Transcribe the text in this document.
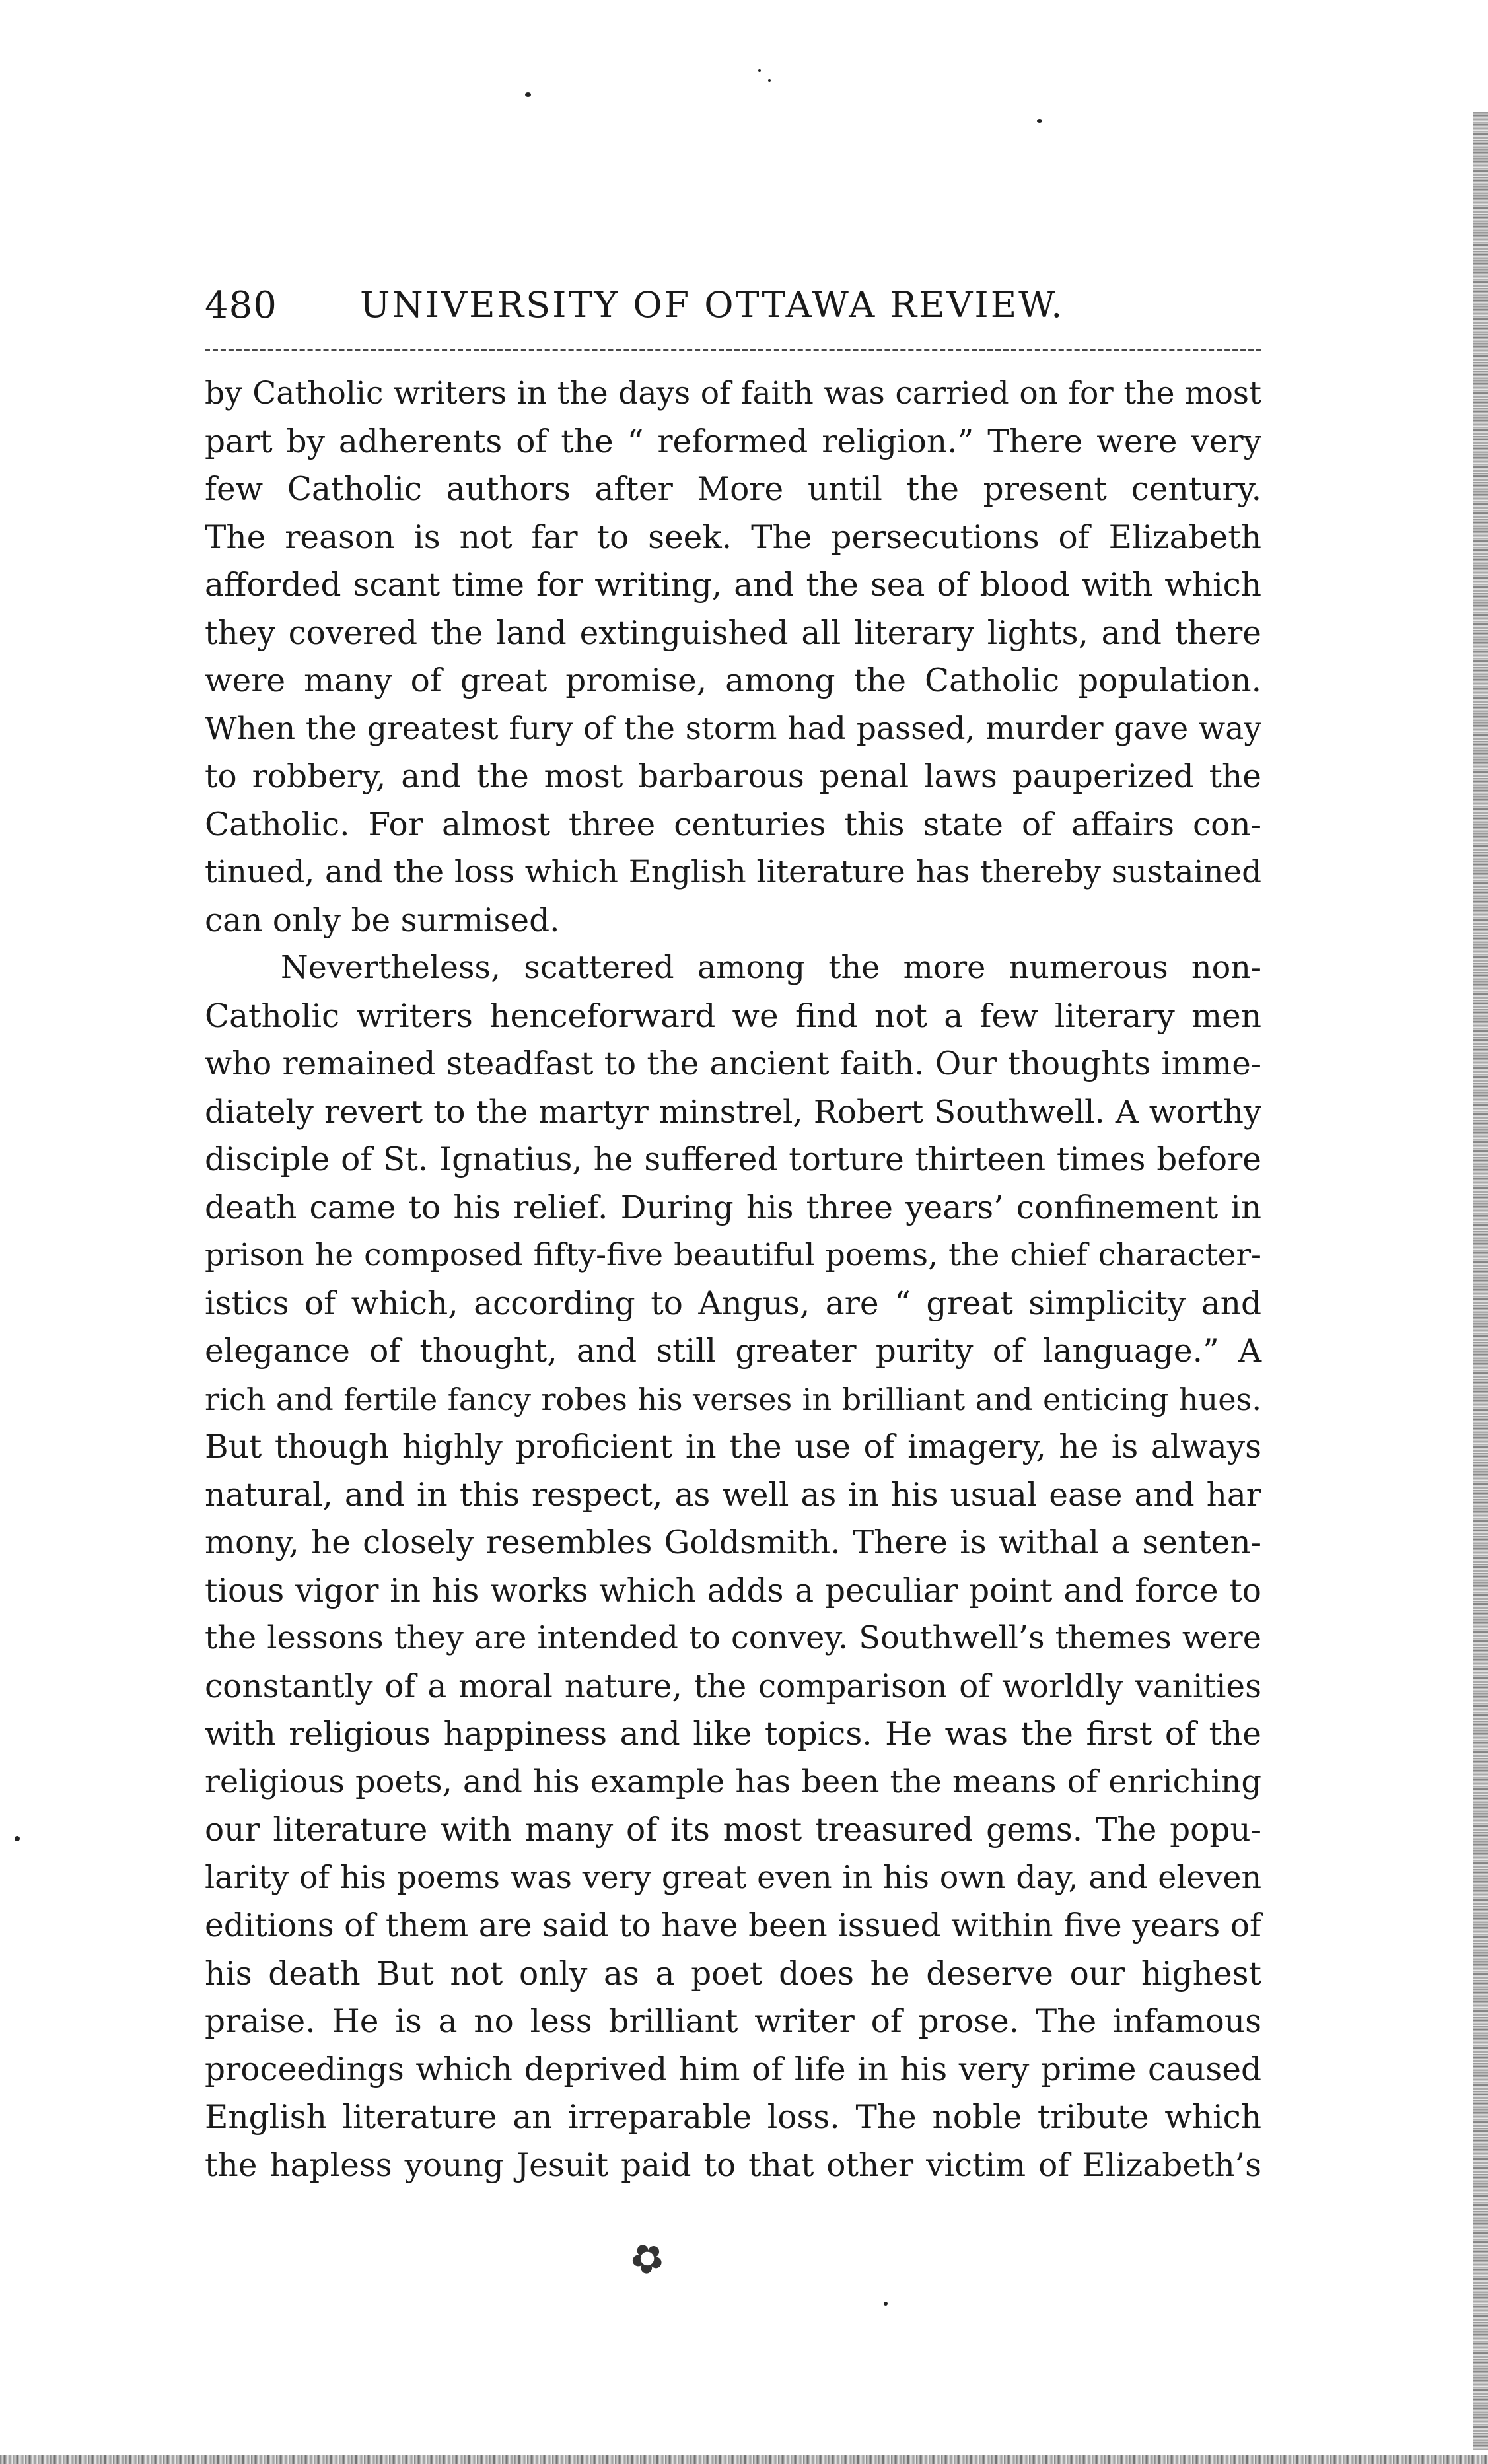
480 UNIVERSITY OF OTTAWA REVIEW.

by Catholic writers in the days of faith was carried on for the most
part by adherents of the “ reformed religion.” There were very
few Catholic authors after More until the present century.
The reason is not far to seek. The persecutions of Elizabeth
afforded scant time for writing, and the sea of blood with which
they covered the land extinguished all literary lights, and there
were many of great promise, among the Catholic population.
When the greatest fury of the storm had passed, murder gave way
to robbery, and the most barbarous penal laws pauperized the
Catholic. For almost three centuries this state of affairs con-
tinued, and the loss which English literature has thereby sustained
can only be surmised.

Nevertheless, scattered among the more numerous non-
Catholic writers henceforward we find not a few literary men
who remained steadfast to the ancient faith. Our thoughts imme-
diately revert to the martyr minstrel, Robert Southwell. A worthy
disciple of St. Ignatius, he suffered torture thirteen times before
death came to his relief. During his three years’ confinement in
prison he composed fifty-five beautiful poems, the chief character-
istics of which, according to Angus, are “ great simplicity and
elegance of thought, and still greater purity of language.” A
rich and fertile fancy robes his verses in brilliant and enticing hues.
But though highly proficient in the use of imagery, he is always
natural, and in this respect, as well as in his usual ease and har
mony, he closely resembles Goldsmith. There is withal a senten-
tious vigor in his works which adds a peculiar point and force to
the lessons they are intended to convey. Southwell’s themes were
constantly of a moral nature, the comparison of worldly vanities
with religious happiness and like topics. He was the first of the
religious poets, and his example has been the means of enriching
our literature with many of its most treasured gems. The popu-
larity of his poems was very great even in his own day, and eleven
editions of them are said to have been issued within five years of
his death But not only as a poet does he deserve our highest
praise. He is a no less brilliant writer of prose. The infamous
proceedings which deprived him of life in his very prime caused
English literature an irreparable loss. The noble tribute which
the hapless young Jesuit paid to that other victim of Elizabeth’s

✿
